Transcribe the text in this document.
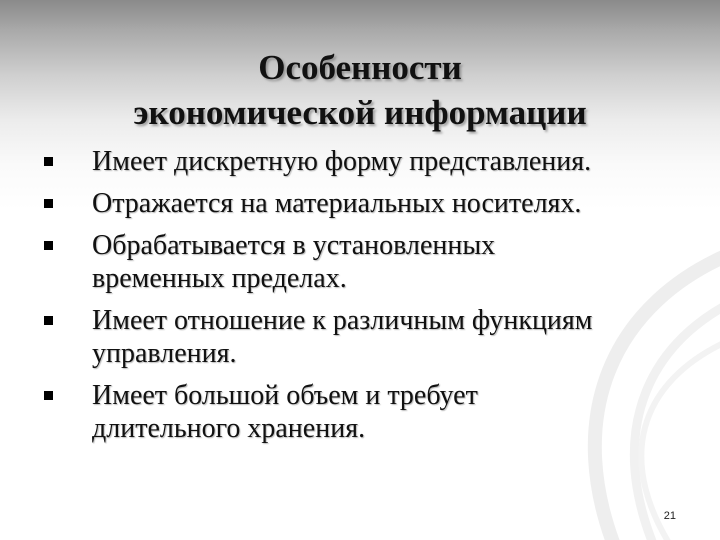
Особенности
экономической информации
Имеет дискретную форму представления.
Отражается на материальных носителях.
Обрабатывается в установленных
временных пределах.
Имеет отношение к различным функциям
управления.
Имеет большой объем и требует
длительного хранения.
21
